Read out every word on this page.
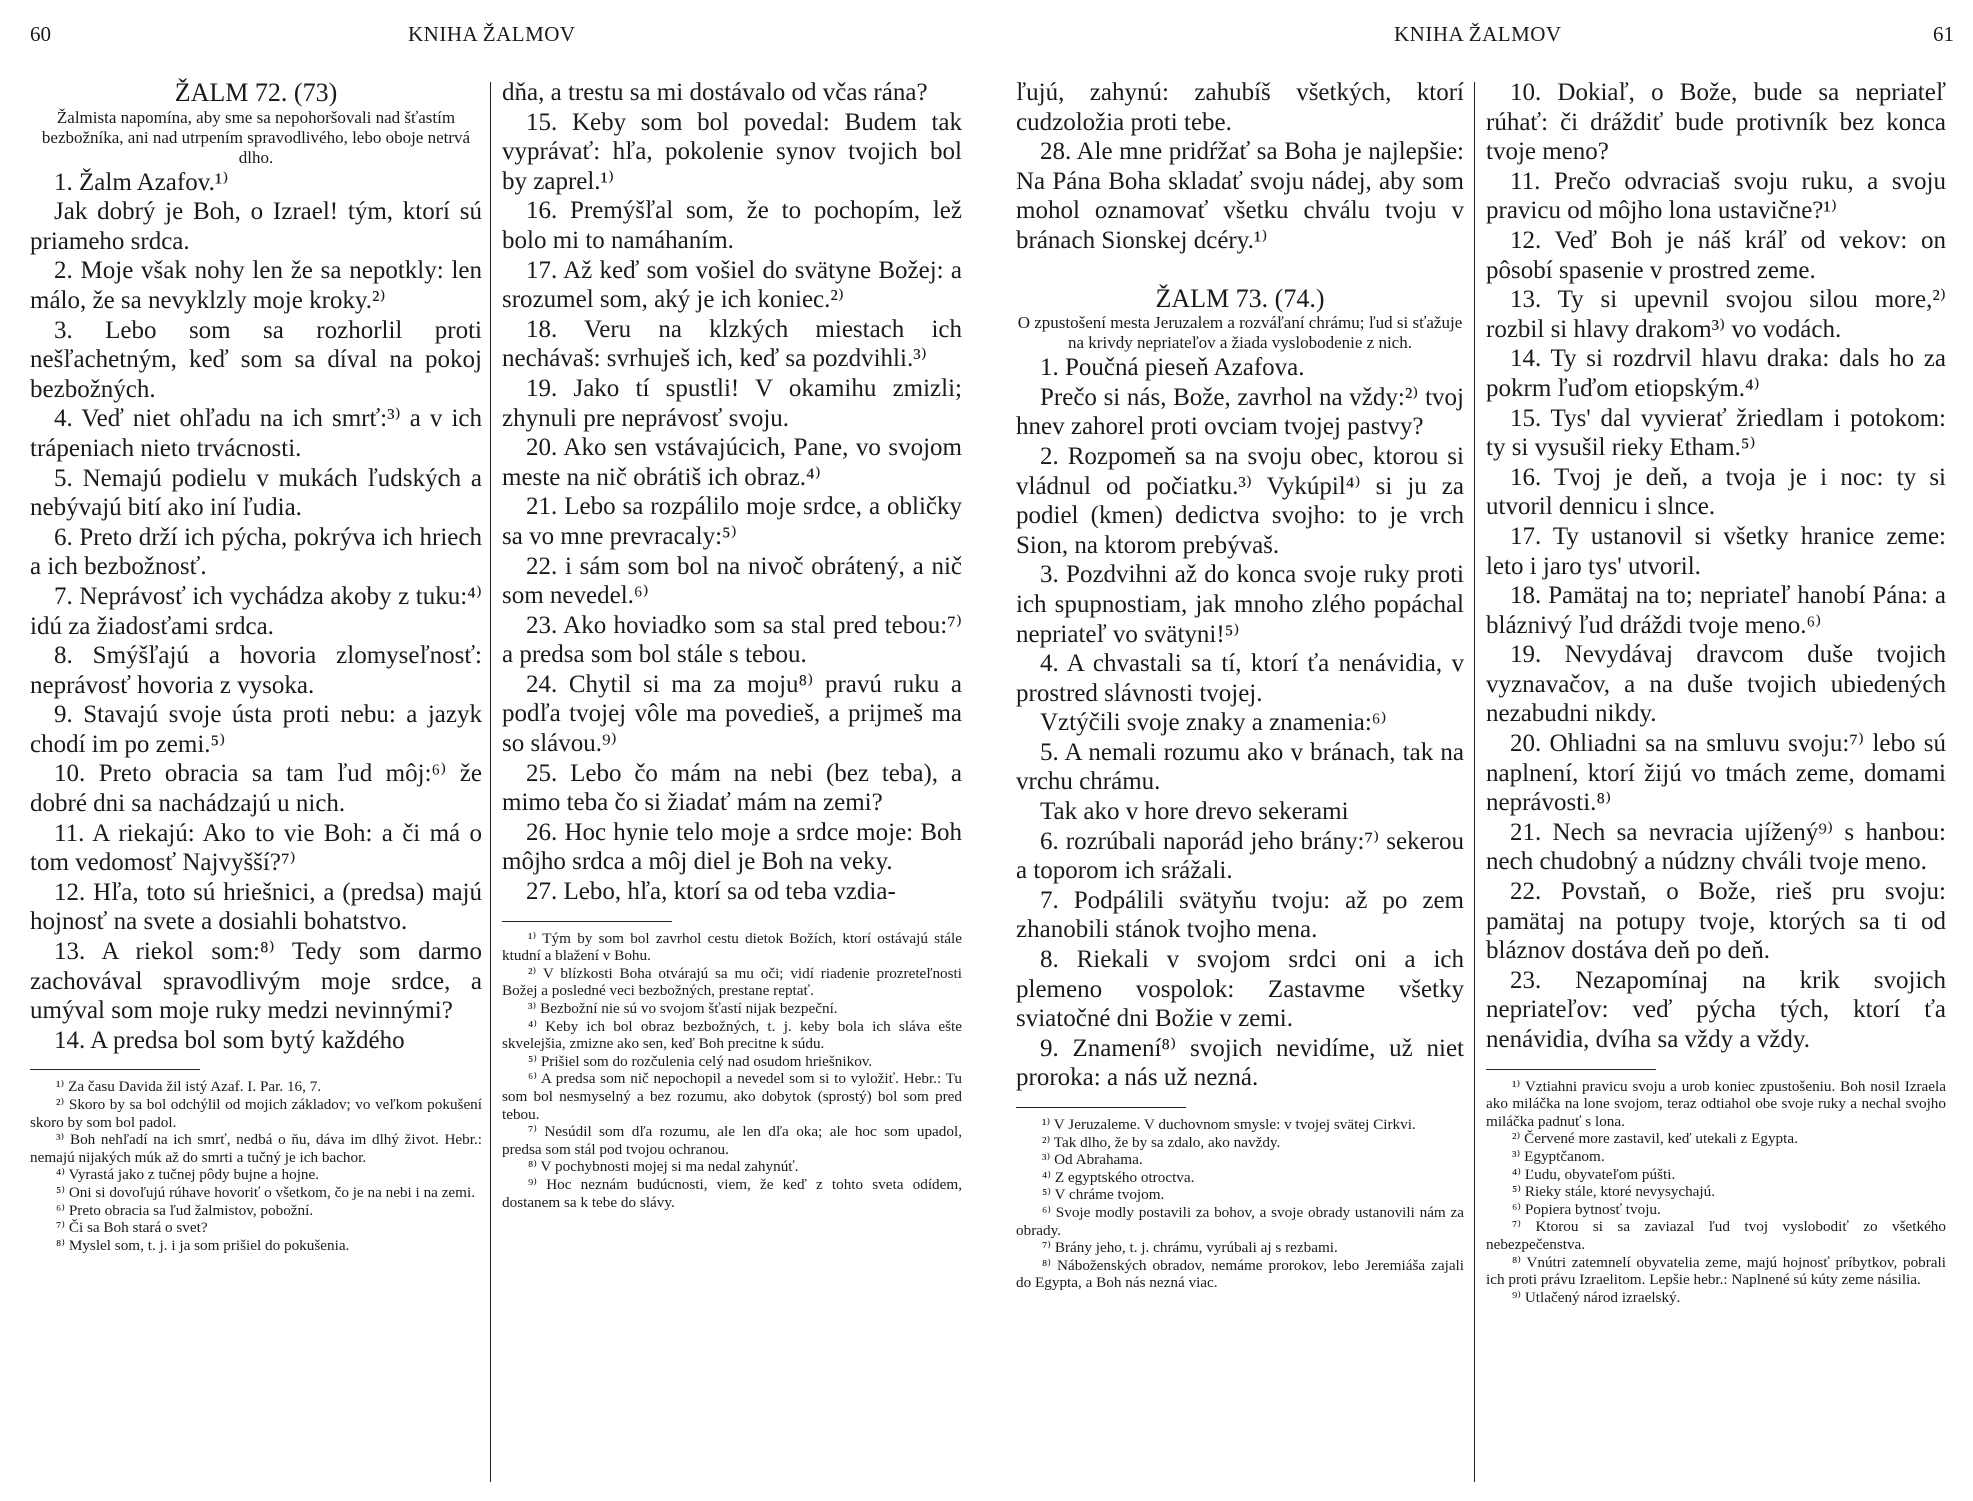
60	KNIHA ŽALMOV

ŽALM 72. (73)

Žalmista napomína, aby sme sa nepohoršovali nad šťastím bezbožníka, ani nad utrpením spravodlivého, lebo oboje netrvá dlho.

1. Žalm Azafov.¹⁾

Jak dobrý je Boh, o Izrael! tým, ktorí sú priameho srdca.

2. Moje však nohy len že sa nepotkly: len málo, že sa nevyklzly moje kroky.²⁾

3. Lebo som sa rozhorlil proti nešľachetným, keď som sa díval na pokoj bezbožných.

4. Veď niet ohľadu na ich smrť:³⁾ a v ich trápeniach nieto trvácnosti.

5. Nemajú podielu v mukách ľudských a nebývajú bití ako iní ľudia.

6. Preto drží ich pýcha, pokrýva ich hriech a ich bezbožnosť.

7. Neprávosť ich vychádza akoby z tuku:⁴⁾ idú za žiadosťami srdca.

8. Smýšľajú a hovoria zlomyseľnosť: neprávosť hovoria z vysoka.

9. Stavajú svoje ústa proti nebu: a jazyk chodí im po zemi.⁵⁾

10. Preto obracia sa tam ľud môj:⁶⁾ že dobré dni sa nachádzajú u nich.

11. A riekajú: Ako to vie Boh: a či má o tom vedomosť Najvyšší?⁷⁾

12. Hľa, toto sú hriešnici, a (predsa) majú hojnosť na svete a dosiahli bohatstvo.

13. A riekol som:⁸⁾ Tedy som darmo zachovával spravodlivým moje srdce, a umýval som moje ruky medzi nevinnými?

14. A predsa bol som bytý každého

¹⁾ Za času Davida žil istý Azaf. I. Par. 16, 7.

²⁾ Skoro by sa bol odchýlil od mojich základov; vo veľkom pokušení skoro by som bol padol.

³⁾ Boh nehľadí na ich smrť, nedbá o ňu, dáva im dlhý život. Hebr.: nemajú nijakých múk až do smrti a tučný je ich bachor.

⁴⁾ Vyrastá jako z tučnej pôdy bujne a hojne.

⁵⁾ Oni si dovoľujú rúhave hovoriť o všetkom, čo je na nebi i na zemi.

⁶⁾ Preto obracia sa ľud žalmistov, pobožní.

⁷⁾ Či sa Boh stará o svet?

⁸⁾ Myslel som, t. j. i ja som prišiel do pokušenia.

dňa, a trestu sa mi dostávalo od včas rána?

15. Keby som bol povedal: Budem tak vyprávať: hľa, pokolenie synov tvojich bol by zaprel.¹⁾

16. Premýšľal som, že to pochopím, lež bolo mi to namáhaním.

17. Až keď som vošiel do svätyne Božej: a srozumel som, aký je ich koniec.²⁾

18. Veru na klzkých miestach ich nechávaš: svrhuješ ich, keď sa pozdvihli.³⁾

19. Jako tí spustli! V okamihu zmizli; zhynuli pre neprávosť svoju.

20. Ako sen vstávajúcich, Pane, vo svojom meste na nič obrátiš ich obraz.⁴⁾

21. Lebo sa rozpálilo moje srdce, a obličky sa vo mne prevracaly:⁵⁾

22. i sám som bol na nivoč obrátený, a nič som nevedel.⁶⁾

23. Ako hoviadko som sa stal pred tebou:⁷⁾ a predsa som bol stále s tebou.

24. Chytil si ma za moju⁸⁾ pravú ruku a podľa tvojej vôle ma povedieš, a prijmeš ma so slávou.⁹⁾

25. Lebo čo mám na nebi (bez teba), a mimo teba čo si žiadať mám na zemi?

26. Hoc hynie telo moje a srdce moje: Boh môjho srdca a môj diel je Boh na veky.

27. Lebo, hľa, ktorí sa od teba vzdia-

¹⁾ Tým by som bol zavrhol cestu dietok Božích, ktorí ostávajú stále ktudní a blažení v Bohu.

²⁾ V blízkosti Boha otvárajú sa mu oči; vidí riadenie prozreteľnosti Božej a posledné veci bezbožných, prestane reptať.

³⁾ Bezbožní nie sú vo svojom šťastí nijak bezpeční.

⁴⁾ Keby ich bol obraz bezbožných, t. j. keby bola ich sláva ešte skvelejšia, zmizne ako sen, keď Boh precitne k súdu.

⁵⁾ Prišiel som do rozčulenia celý nad osudom hriešnikov.

⁶⁾ A predsa som nič nepochopil a nevedel som si to vyložiť. Hebr.: Tu som bol nesmyselný a bez rozumu, ako dobytok (sprostý) bol som pred tebou.

⁷⁾ Nesúdil som dľa rozumu, ale len dľa oka; ale hoc som upadol, predsa som stál pod tvojou ochranou.

⁸⁾ V pochybnosti mojej si ma nedal zahynúť.

⁹⁾ Hoc neznám budúcnosti, viem, že keď z tohto sveta odídem, dostanem sa k tebe do slávy.

KNIHA ŽALMOV	61

ľujú, zahynú: zahubíš všetkých, ktorí cudzoložia proti tebe.

28. Ale mne pridŕžať sa Boha je najlepšie: Na Pána Boha skladať svoju nádej, aby som mohol oznamovať všetku chválu tvoju v bránach Sionskej dcéry.¹⁾

ŽALM 73. (74.)

O zpustošení mesta Jeruzalem a rozváľaní chrámu; ľud si sťažuje na krivdy nepriateľov a žiada vyslobodenie z nich.

1. Poučná pieseň Azafova.

Prečo si nás, Bože, zavrhol na vždy:²⁾ tvoj hnev zahorel proti ovciam tvojej pastvy?

2. Rozpomeň sa na svoju obec, ktorou si vládnul od počiatku.³⁾ Vykúpil⁴⁾ si ju za podiel (kmen) dedictva svojho: to je vrch Sion, na ktorom prebývaš.

3. Pozdvihni až do konca svoje ruky proti ich spupnostiam, jak mnoho zlého popáchal nepriateľ vo svätyni!⁵⁾

4. A chvastali sa tí, ktorí ťa nenávidia, v prostred slávnosti tvojej.

Vztýčili svoje znaky a znamenia:⁶⁾

5. A nemali rozumu ako v bránach, tak na vrchu chrámu.

Tak ako v hore drevo sekerami

6. rozrúbali naporád jeho brány:⁷⁾ sekerou a toporom ich srážali.

7. Podpálili svätyňu tvoju: až po zem zhanobili stánok tvojho mena.

8. Riekali v svojom srdci oni a ich plemeno vospolok: Zastavme všetky sviatočné dni Božie v zemi.

9. Znamení⁸⁾ svojich nevidíme, už niet proroka: a nás už nezná.

¹⁾ V Jeruzaleme. V duchovnom smysle: v tvojej svätej Cirkvi.

²⁾ Tak dlho, že by sa zdalo, ako navždy.

³⁾ Od Abrahama.

⁴⁾ Z egyptského otroctva.

⁵⁾ V chráme tvojom.

⁶⁾ Svoje modly postavili za bohov, a svoje obrady ustanovili nám za obrady.

⁷⁾ Brány jeho, t. j. chrámu, vyrúbali aj s rezbami.

⁸⁾ Náboženských obradov, nemáme prorokov, lebo Jeremiáša zajali do Egypta, a Boh nás nezná viac.

10. Dokiaľ, o Bože, bude sa nepriateľ rúhať: či dráždiť bude protivník bez konca tvoje meno?

11. Prečo odvraciaš svoju ruku, a svoju pravicu od môjho lona ustavične?¹⁾

12. Veď Boh je náš kráľ od vekov: on pôsobí spasenie v prostred zeme.

13. Ty si upevnil svojou silou more,²⁾ rozbil si hlavy drakom³⁾ vo vodách.

14. Ty si rozdrvil hlavu draka: dals ho za pokrm ľuďom etiopským.⁴⁾

15. Tys' dal vyvierať žriedlam i potokom: ty si vysušil rieky Etham.⁵⁾

16. Tvoj je deň, a tvoja je i noc: ty si utvoril dennicu i slnce.

17. Ty ustanovil si všetky hranice zeme: leto i jaro tys' utvoril.

18. Pamätaj na to; nepriateľ hanobí Pána: a bláznivý ľud dráždi tvoje meno.⁶⁾

19. Nevydávaj dravcom duše tvojich vyznavačov, a na duše tvojich ubiedených nezabudni nikdy.

20. Ohliadni sa na smluvu svoju:⁷⁾ lebo sú naplnení, ktorí žijú vo tmách zeme, domami neprávosti.⁸⁾

21. Nech sa nevracia ujížený⁹⁾ s hanbou: nech chudobný a núdzny chváli tvoje meno.

22. Povstaň, o Bože, rieš pru svoju: pamätaj na potupy tvoje, ktorých sa ti od bláznov dostáva deň po deň.

23. Nezapomínaj na krik svojich nepriateľov: veď pýcha tých, ktorí ťa nenávidia, dvíha sa vždy a vždy.

¹⁾ Vztiahni pravicu svoju a urob koniec zpustošeniu. Boh nosil Izraela ako miláčka na lone svojom, teraz odtiahol obe svoje ruky a nechal svojho miláčka padnuť s lona.

²⁾ Červené more zastavil, keď utekali z Egypta.

³⁾ Egyptčanom.

⁴⁾ Ľudu, obyvateľom púšti.

⁵⁾ Rieky stále, ktoré nevysychajú.

⁶⁾ Popiera bytnosť tvoju.

⁷⁾ Ktorou si sa zaviazal ľud tvoj vyslobodiť zo všetkého nebezpečenstva.

⁸⁾ Vnútri zatemnelí obyvatelia zeme, majú hojnosť príbytkov, pobrali ich proti právu Izraelitom. Lepšie hebr.: Naplnené sú kúty zeme násilia.

⁹⁾ Utlačený národ izraelský.
